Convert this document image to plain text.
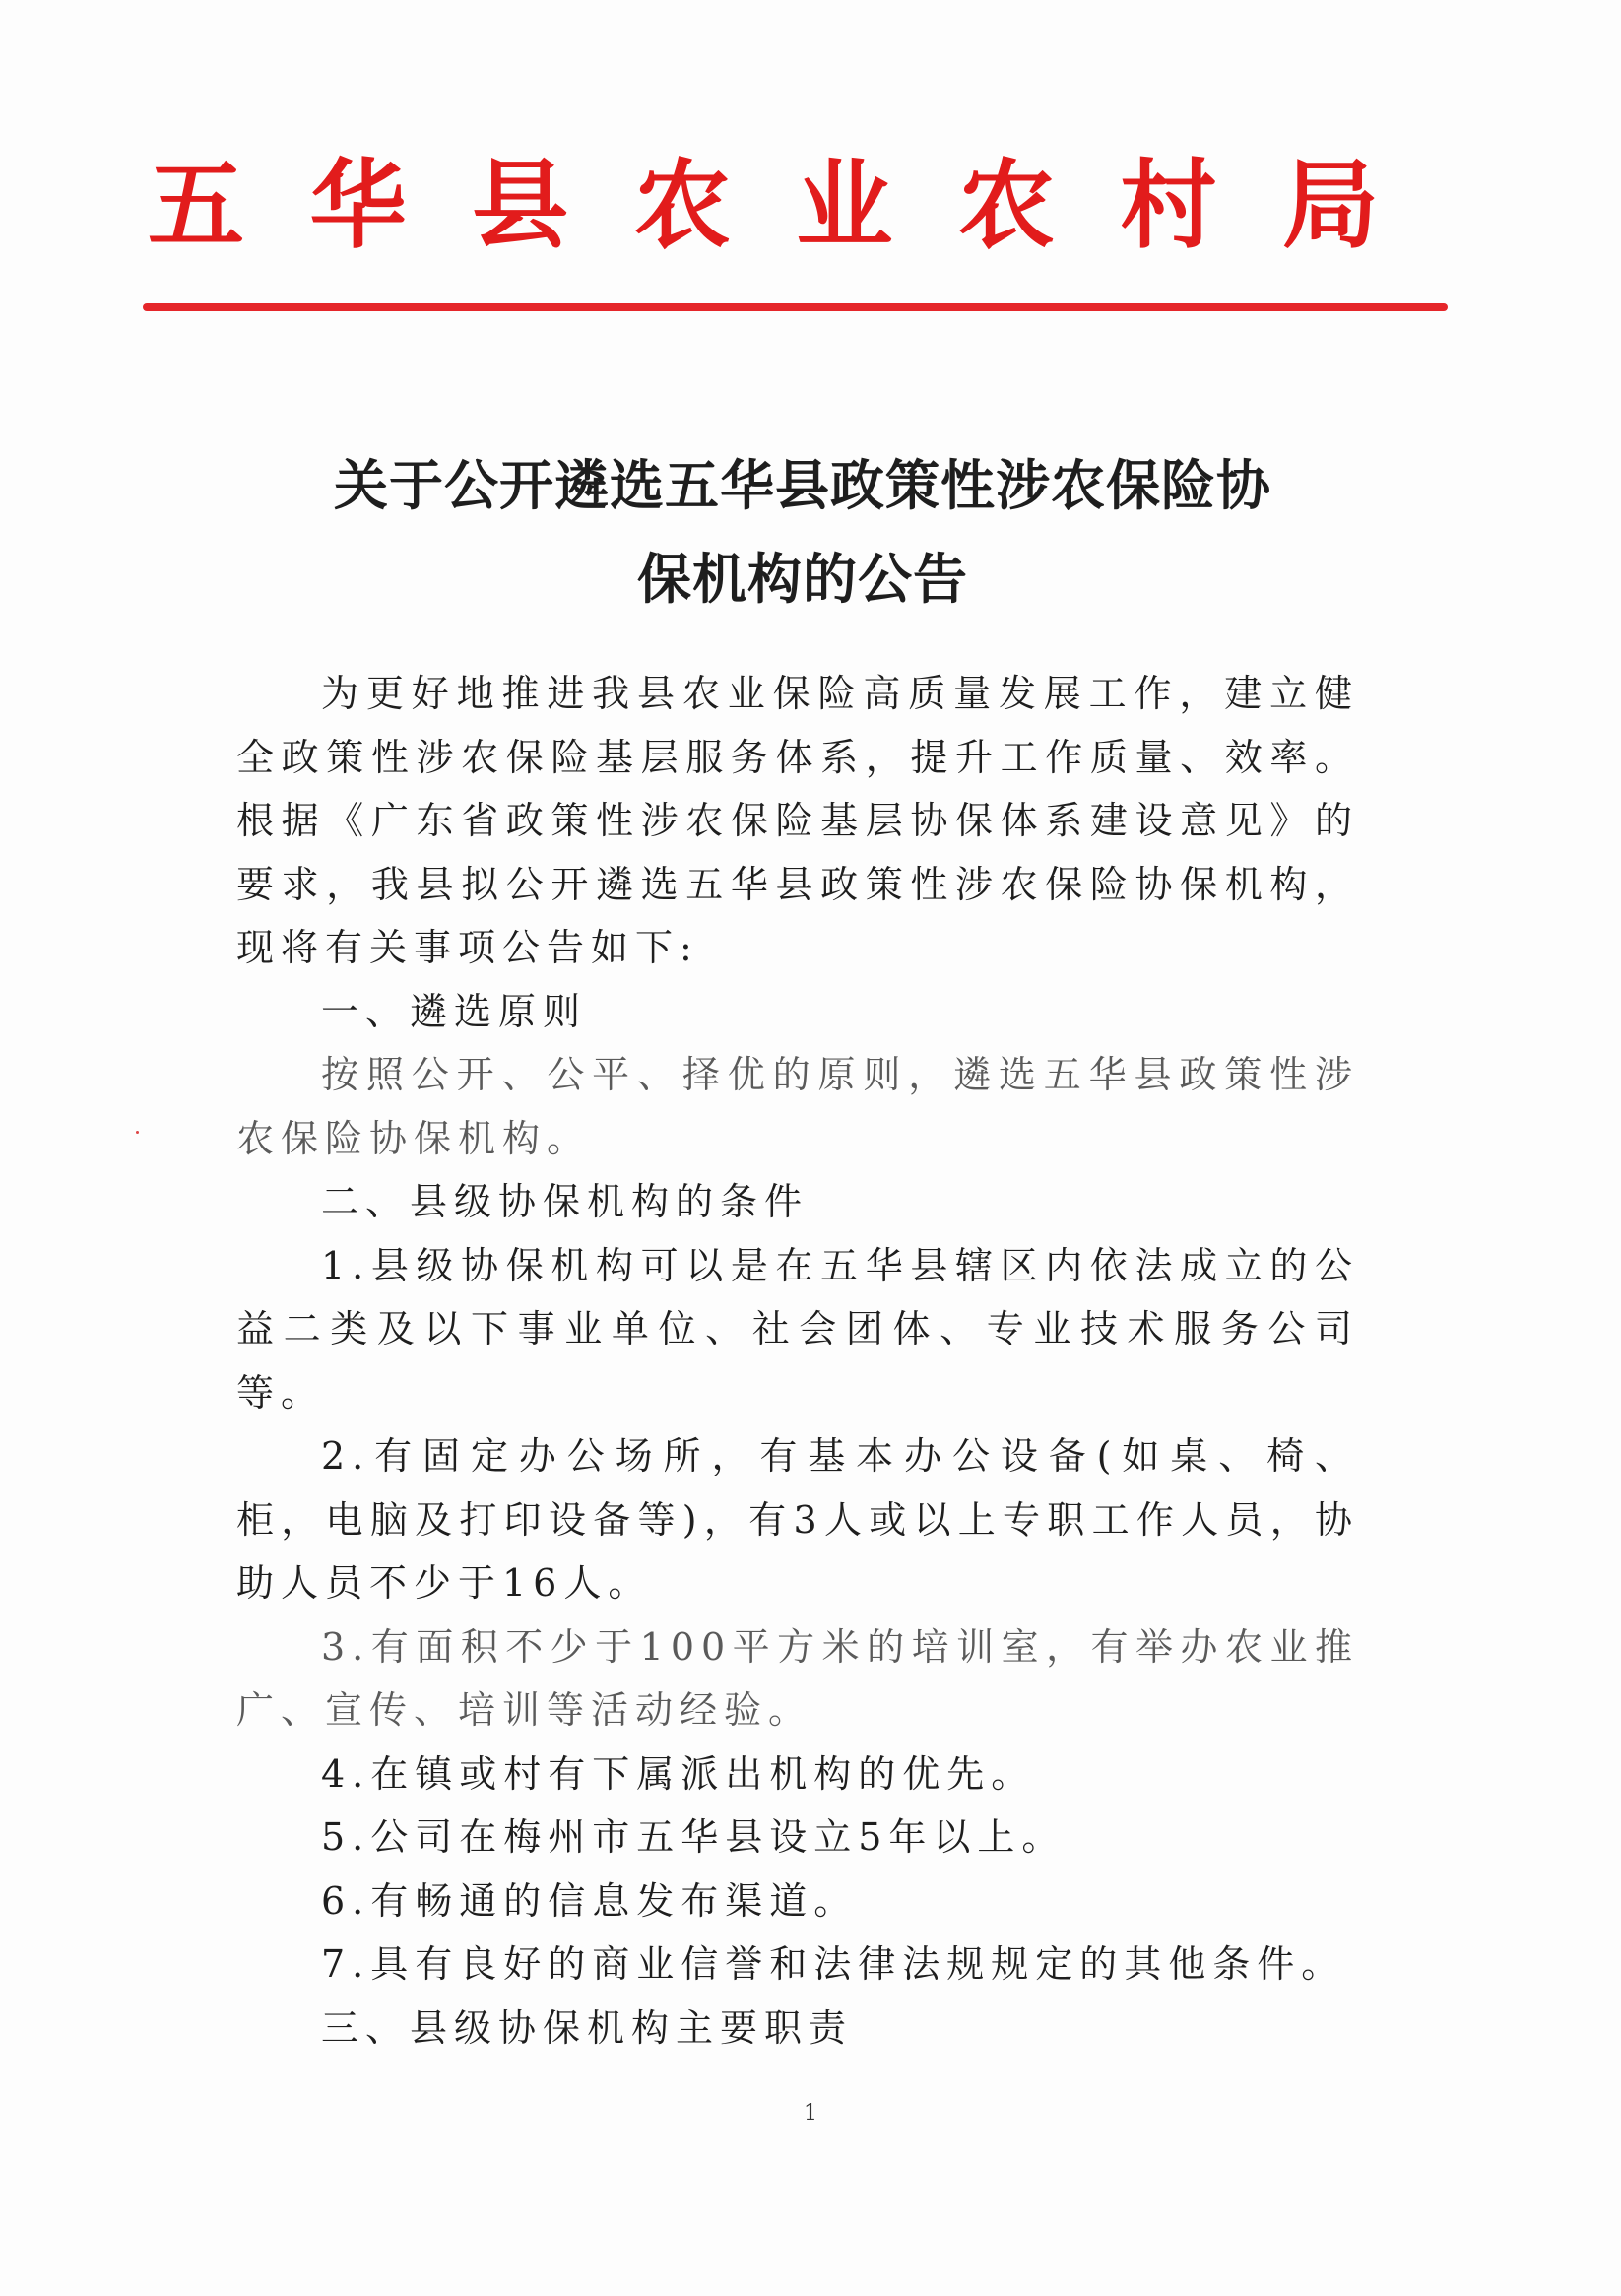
五 华 县 农 业 农 村 局
关于公开遴选五华县政策性涉农保险协
保机构的公告

为更好地推进我县农业保险高质量发展工作，建立健全政策性涉农保险基层服务体系，提升工作质量、效率。根据《广东省政策性涉农保险基层协保体系建设意见》的要求，我县拟公开遴选五华县政策性涉农保险协保机构，现将有关事项公告如下:

一、遴选原则

按照公开、公平、择优的原则，遴选五华县政策性涉农保险协保机构。

二、县级协保机构的条件

1.县级协保机构可以是在五华县辖区内依法成立的公益二类及以下事业单位、社会团体、专业技术服务公司等。

2.有固定办公场所，有基本办公设备(如桌、椅、柜，电脑及打印设备等)，有3人或以上专职工作人员，协助人员不少于16人。

3.有面积不少于100平方米的培训室，有举办农业推广、宣传、培训等活动经验。

4.在镇或村有下属派出机构的优先。

5.公司在梅州市五华县设立5年以上。

6.有畅通的信息发布渠道。

7.具有良好的商业信誉和法律法规规定的其他条件。

三、县级协保机构主要职责

1
